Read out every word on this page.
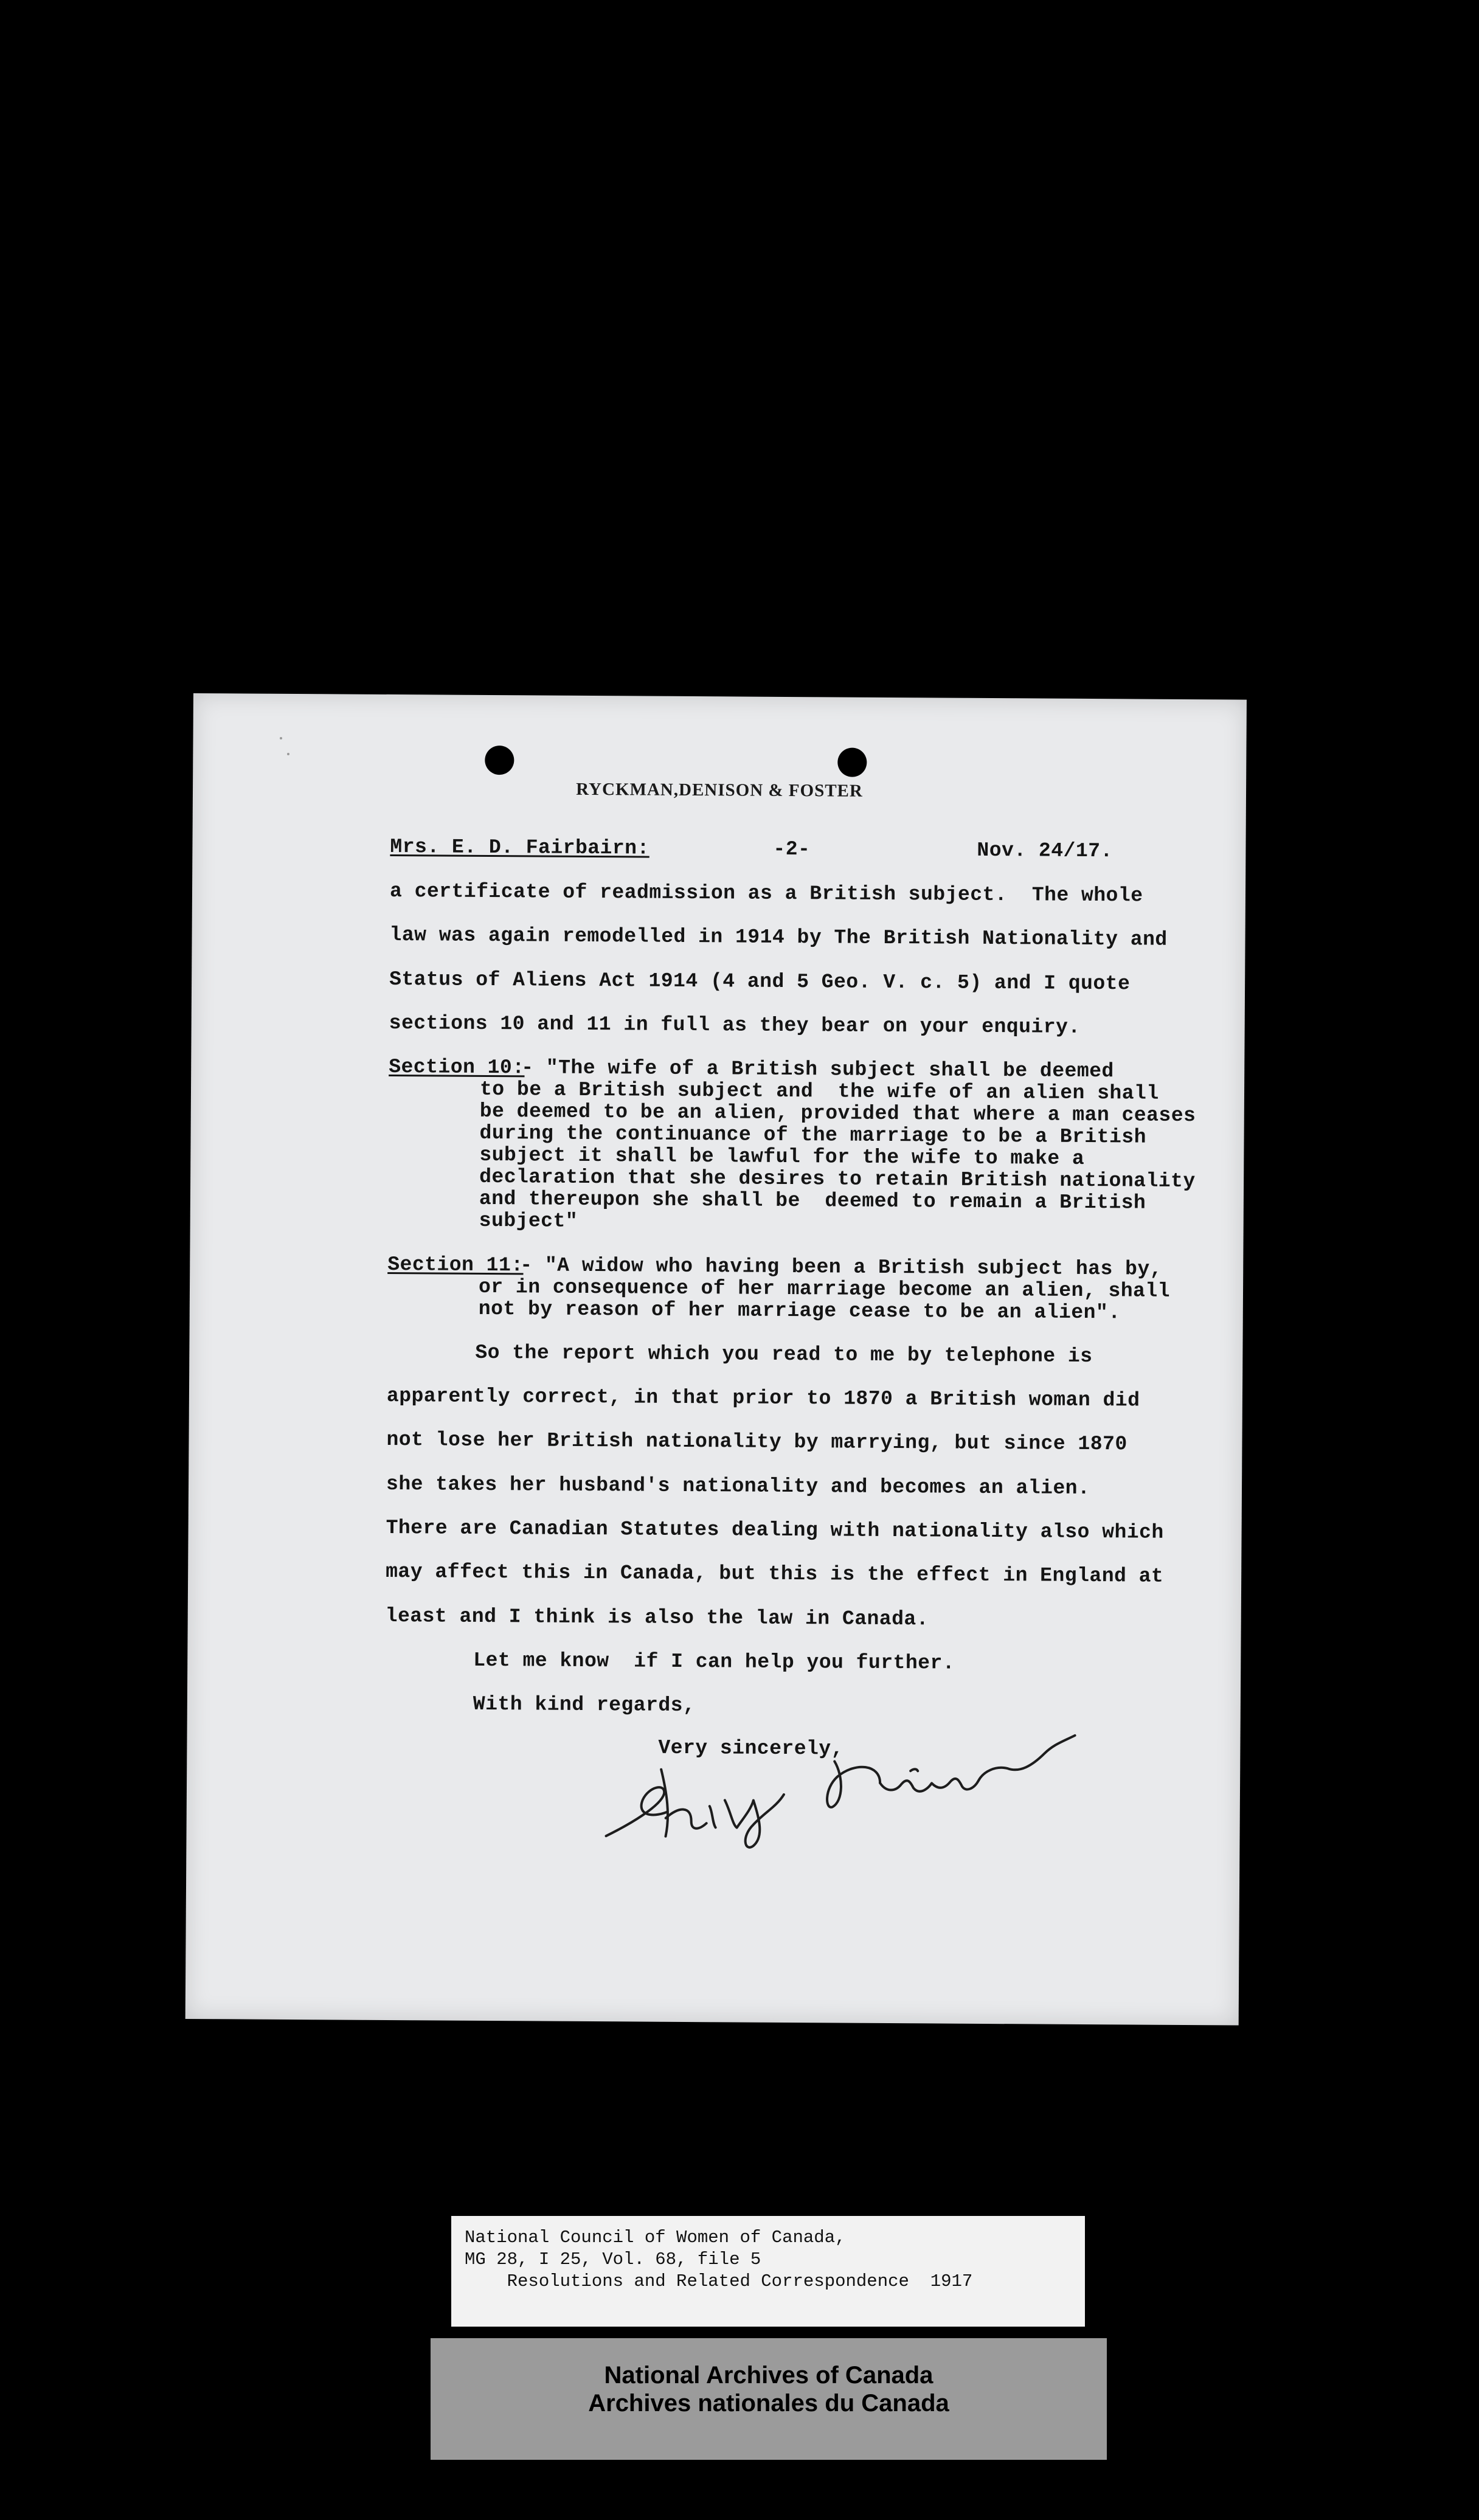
RYCKMAN,DENISON & FOSTER
Mrs. E. D. Fairbairn:	-2-	Nov. 24/17.
a certificate of readmission as a British subject.  The whole
law was again remodelled in 1914 by The British Nationality and
Status of Aliens Act 1914 (4 and 5 Geo. V. c. 5) and I quote
sections 10 and 11 in full as they bear on your enquiry.
Section 10:
- "The wife of a British subject shall be deemed
to be a British subject and  the wife of an alien shall
be deemed to be an alien, provided that where a man ceases
during the continuance of the marriage to be a British
subject it shall be lawful for the wife to make a
declaration that she desires to retain British nationality
and thereupon she shall be  deemed to remain a British
subject"
Section 11:
- "A widow who having been a British subject has by,
or in consequence of her marriage become an alien, shall
not by reason of her marriage cease to be an alien".
So the report which you read to me by telephone is
apparently correct, in that prior to 1870 a British woman did
not lose her British nationality by marrying, but since 1870
she takes her husband's nationality and becomes an alien.
There are Canadian Statutes dealing with nationality also which
may affect this in Canada, but this is the effect in England at
least and I think is also the law in Canada.
Let me know  if I can help you further.
With kind regards,
Very sincerely,
National Council of Women of Canada,
MG 28, I 25, Vol. 68, file 5
Resolutions and Related Correspondence  1917
National Archives of Canada
Archives nationales du Canada
